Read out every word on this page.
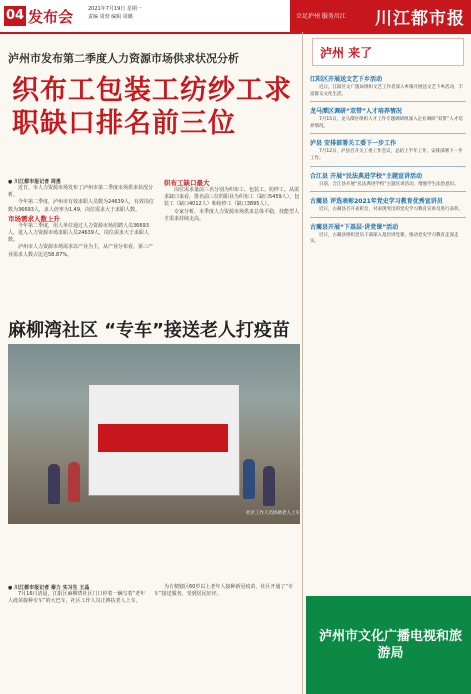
04 发布会	2021年7月19日 星期一
责编 周勃 编辑 周璐	立足泸州 服务川江 川江都市报
泸州市发布第二季度人力资源市场供求状况分析
织布工包装工纺纱工求职缺口排名前三位
● 川江都市报记者 周勇

近日，市人力资源市场发布了泸州市第二季度市场供求状况分析。

今年第二季度，泸州市有效求职人员数为24639人，有效岗位数为36693人，求人倍率为1.49，岗位需求大于求职人数。

市场需求人数上升

今年第二季度，用人单位通过人力资源市场招聘人员36693人，进入人力资源市场求职人员24639人，岗位需求大于求职人数。

泸州市人力资源市场需求以产业为主，从产业分布看，第三产业需求人数占比达58.87%。

织布工缺口最大

岗位需求量前三名分别为织布工、包装工、纺纱工。从需求缺口来看，排名前三位的职业为织布工（缺口5459人）、包装工（缺口4012人）和纺纱工（缺口3895人）。

专家分析，本季度人力资源市场供求总体平稳，技能型人才需求持续走高。

麻柳湾社区 “专车”接送老人打疫苗
社区工作人员协助老人上车
● 川江都市报记者 秦力 实习生 王晶

7月16日清晨，江阳区麻柳湾社区门口停着一辆写着“老年人疫苗接种专车”的大巴车，社区工作人员正搀扶老人上车。

为方便辖区60岁以上老年人接种新冠疫苗，社区开通了“专车”接送服务，受到居民好评。

泸州 来了
江阳区开展送文艺下乡活动

近日，江阳区文广旅局组织文艺工作者深入乡镇开展送文艺下乡活动，丰富群众文化生活。

龙马潭区调研“双带”人才培养情况

7月15日，龙马潭区组织人才工作专题调研组深入企业调研“双带”人才培养情况。

泸县 安排部署关工委下一步工作

7月12日，泸县召开关工委工作会议，总结上半年工作，安排部署下一步工作。

合江县 开展“民法典进学校”主题宣讲活动

日前，合江县开展“民法典进学校”主题宣讲活动，增强学生法治意识。

古蔺县 评选表彰2021年党史学习教育优秀宣讲员

近日，古蔺县召开表彰会，对表现突出的党史学习教育宣讲员进行表彰。

古蔺县开展“下基层·讲党课”活动

近日，古蔺县组织党员干部深入基层讲党课，推动党史学习教育走深走实。

泸州市文化广播电视和旅游局
